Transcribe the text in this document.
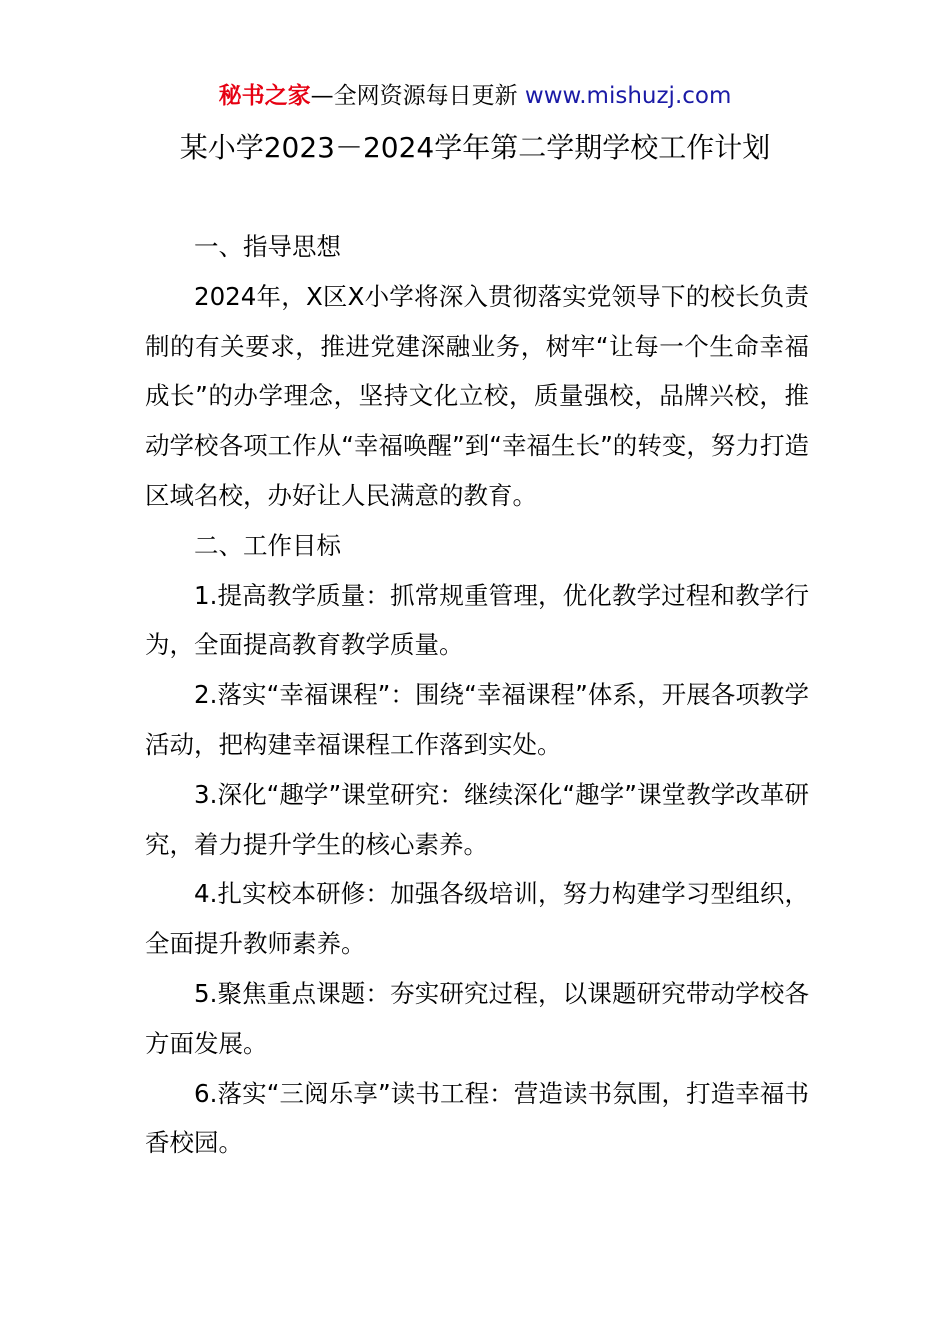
秘书之家—全网资源每日更新 www.mishuzj.com
某小学2023－2024学年第二学期学校工作计划

一、指导思想

2024年，X区X小学将深入贯彻落实党领导下的校长负责制的有关要求，推进党建深融业务，树牢“让每一个生命幸福成长”的办学理念，坚持文化立校，质量强校，品牌兴校，推动学校各项工作从“幸福唤醒”到“幸福生长”的转变，努力打造区域名校，办好让人民满意的教育。

二、工作目标

1.提高教学质量：抓常规重管理，优化教学过程和教学行为，全面提高教育教学质量。

2.落实“幸福课程”：围绕“幸福课程”体系，开展各项教学活动，把构建幸福课程工作落到实处。

3.深化“趣学”课堂研究：继续深化“趣学”课堂教学改革研究，着力提升学生的核心素养。

4.扎实校本研修：加强各级培训，努力构建学习型组织，全面提升教师素养。

5.聚焦重点课题：夯实研究过程，以课题研究带动学校各方面发展。

6.落实“三阅乐享”读书工程：营造读书氛围，打造幸福书香校园。
